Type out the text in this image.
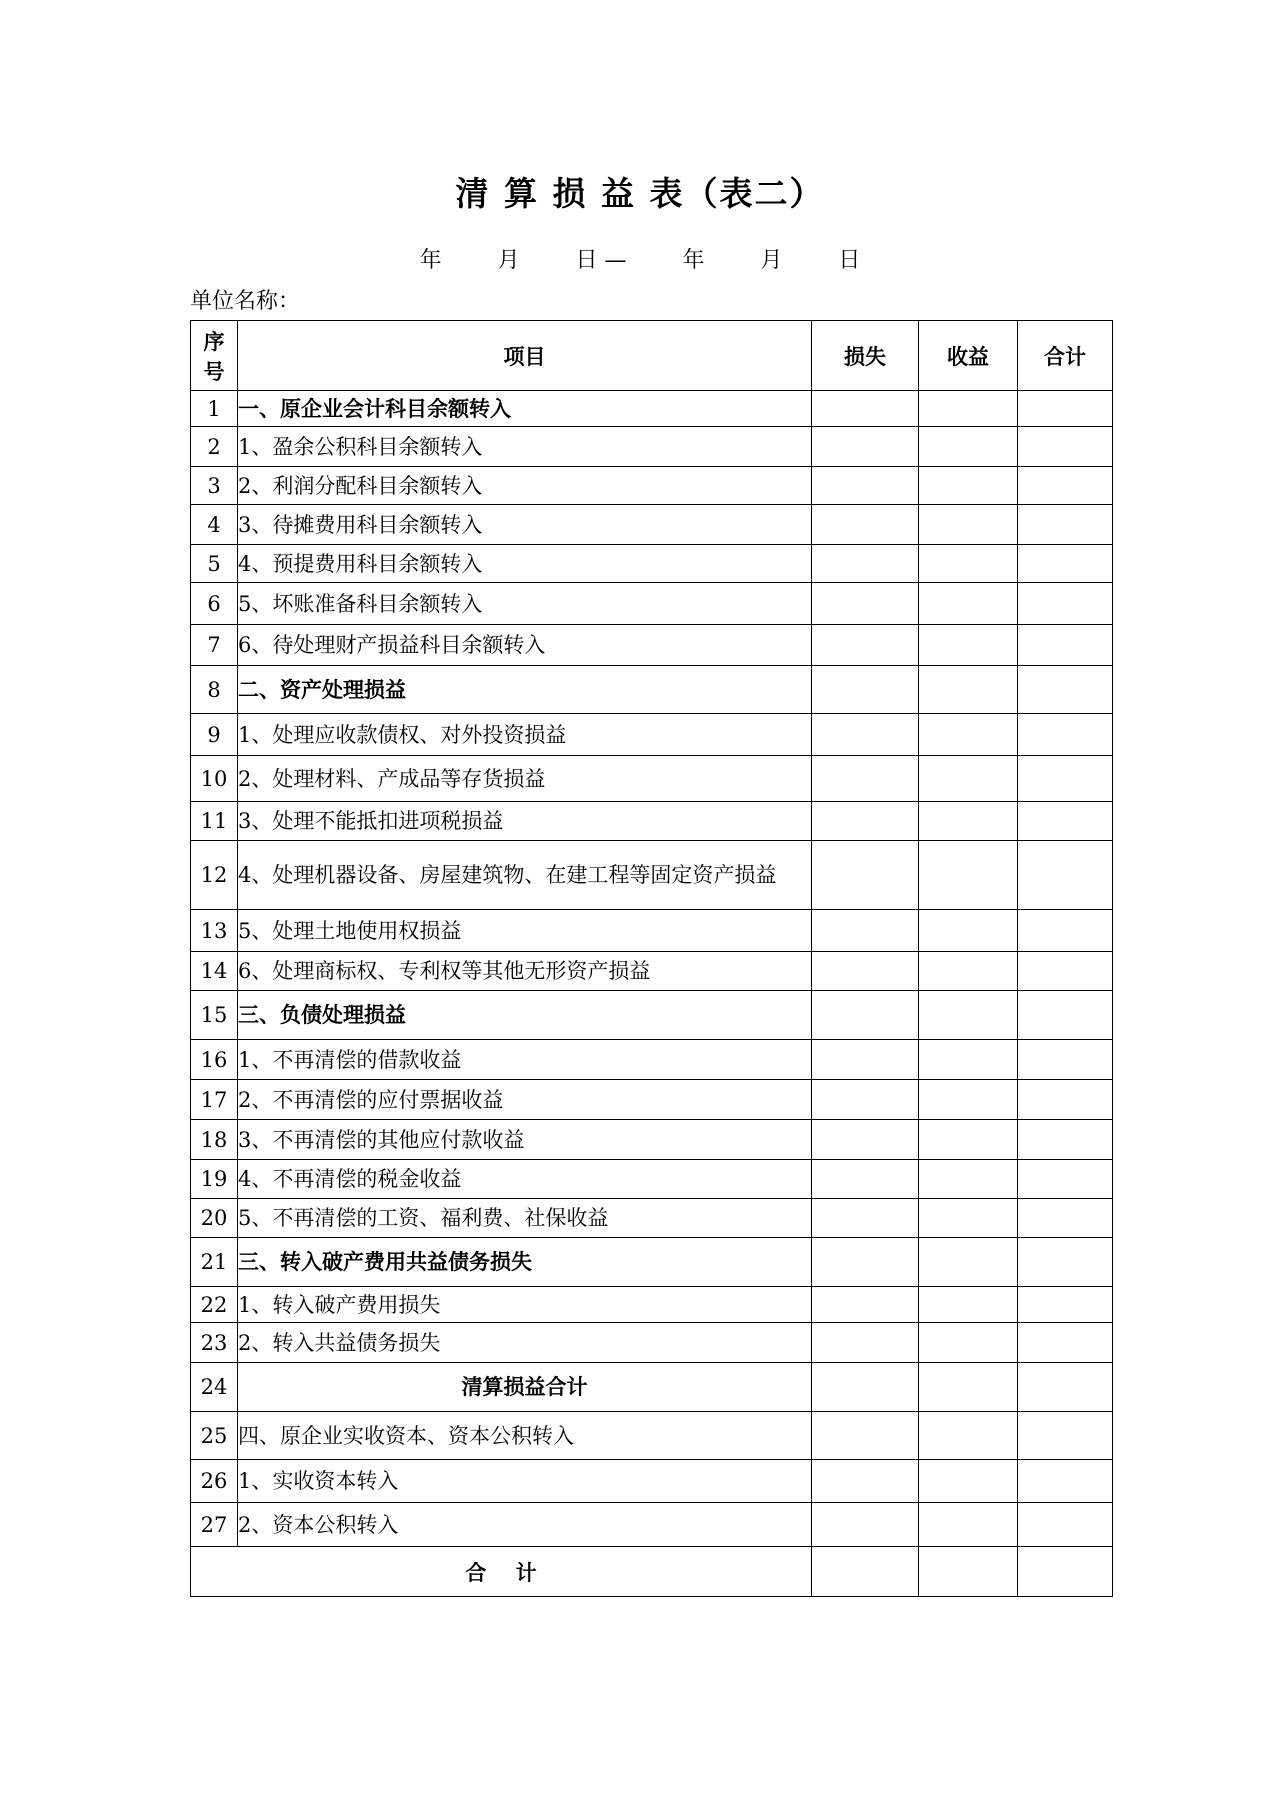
清 算 损 益 表（表二）
年        月        日 —        年        月        日
单位名称：
序
号	项目	损失	收益	合计
1	一、原企业会计科目余额转入			
2	1、盈余公积科目余额转入			
3	2、利润分配科目余额转入			
4	3、待摊费用科目余额转入			
5	4、预提费用科目余额转入			
6	5、坏账准备科目余额转入			
7	6、待处理财产损益科目余额转入			
8	二、资产处理损益			
9	1、处理应收款债权、对外投资损益			
10	2、处理材料、产成品等存货损益			
11	3、处理不能抵扣进项税损益			
12	4、处理机器设备、房屋建筑物、在建工程等固定资产损益			
13	5、处理土地使用权损益			
14	6、处理商标权、专利权等其他无形资产损益			
15	三、负债处理损益			
16	1、不再清偿的借款收益			
17	2、不再清偿的应付票据收益			
18	3、不再清偿的其他应付款收益			
19	4、不再清偿的税金收益			
20	5、不再清偿的工资、福利费、社保收益			
21	三、转入破产费用共益债务损失			
22	1、转入破产费用损失			
23	2、转入共益债务损失			
24	清算损益合计			
25	四、原企业实收资本、资本公积转入			
26	1、实收资本转入			
27	2、资本公积转入			
合    计				
